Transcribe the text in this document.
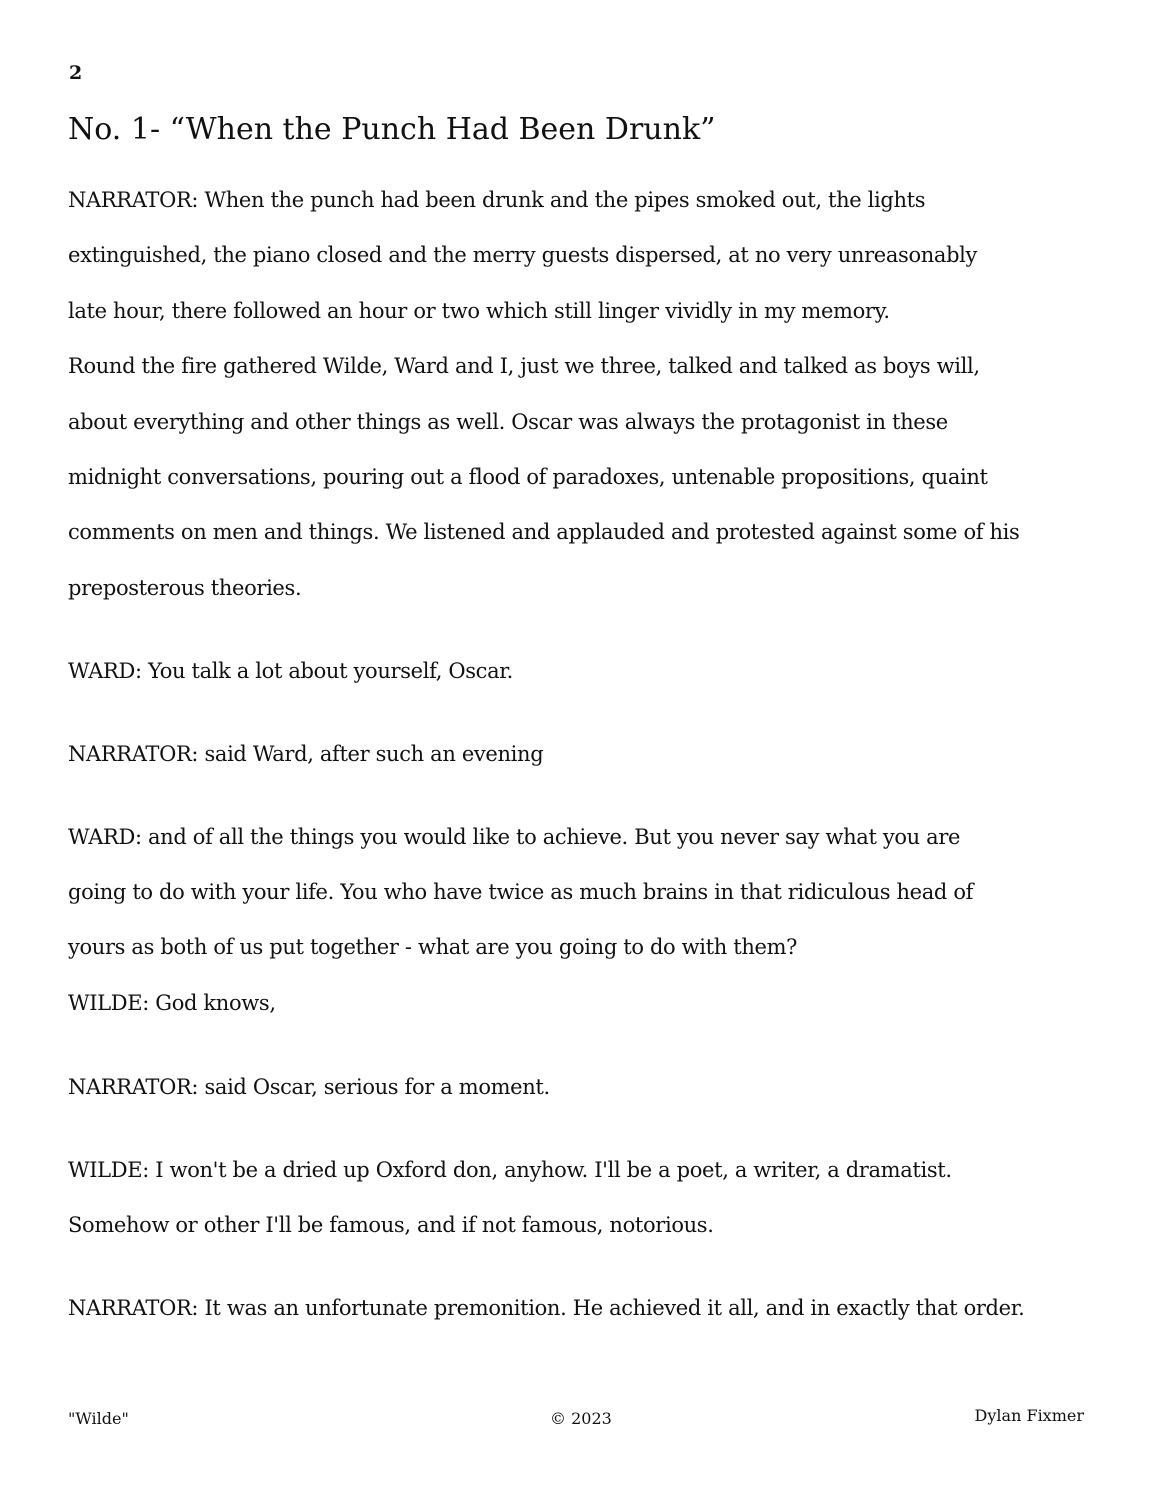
2
No. 1- “When the Punch Had Been Drunk”
NARRATOR: When the punch had been drunk and the pipes smoked out, the lights
extinguished, the piano closed and the merry guests dispersed, at no very unreasonably
late hour, there followed an hour or two which still linger vividly in my memory.
Round the fire gathered Wilde, Ward and I, just we three, talked and talked as boys will,
about everything and other things as well. Oscar was always the protagonist in these
midnight conversations, pouring out a flood of paradoxes, untenable propositions, quaint
comments on men and things. We listened and applauded and protested against some of his
preposterous theories.
WARD: You talk a lot about yourself, Oscar.
NARRATOR: said Ward, after such an evening
WARD: and of all the things you would like to achieve. But you never say what you are
going to do with your life. You who have twice as much brains in that ridiculous head of
yours as both of us put together - what are you going to do with them?
WILDE: God knows,
NARRATOR: said Oscar, serious for a moment.
WILDE: I won't be a dried up Oxford don, anyhow. I'll be a poet, a writer, a dramatist.
Somehow or other I'll be famous, and if not famous, notorious.
NARRATOR: It was an unfortunate premonition. He achieved it all, and in exactly that order.
"Wilde"	© 2023	Dylan Fixmer
